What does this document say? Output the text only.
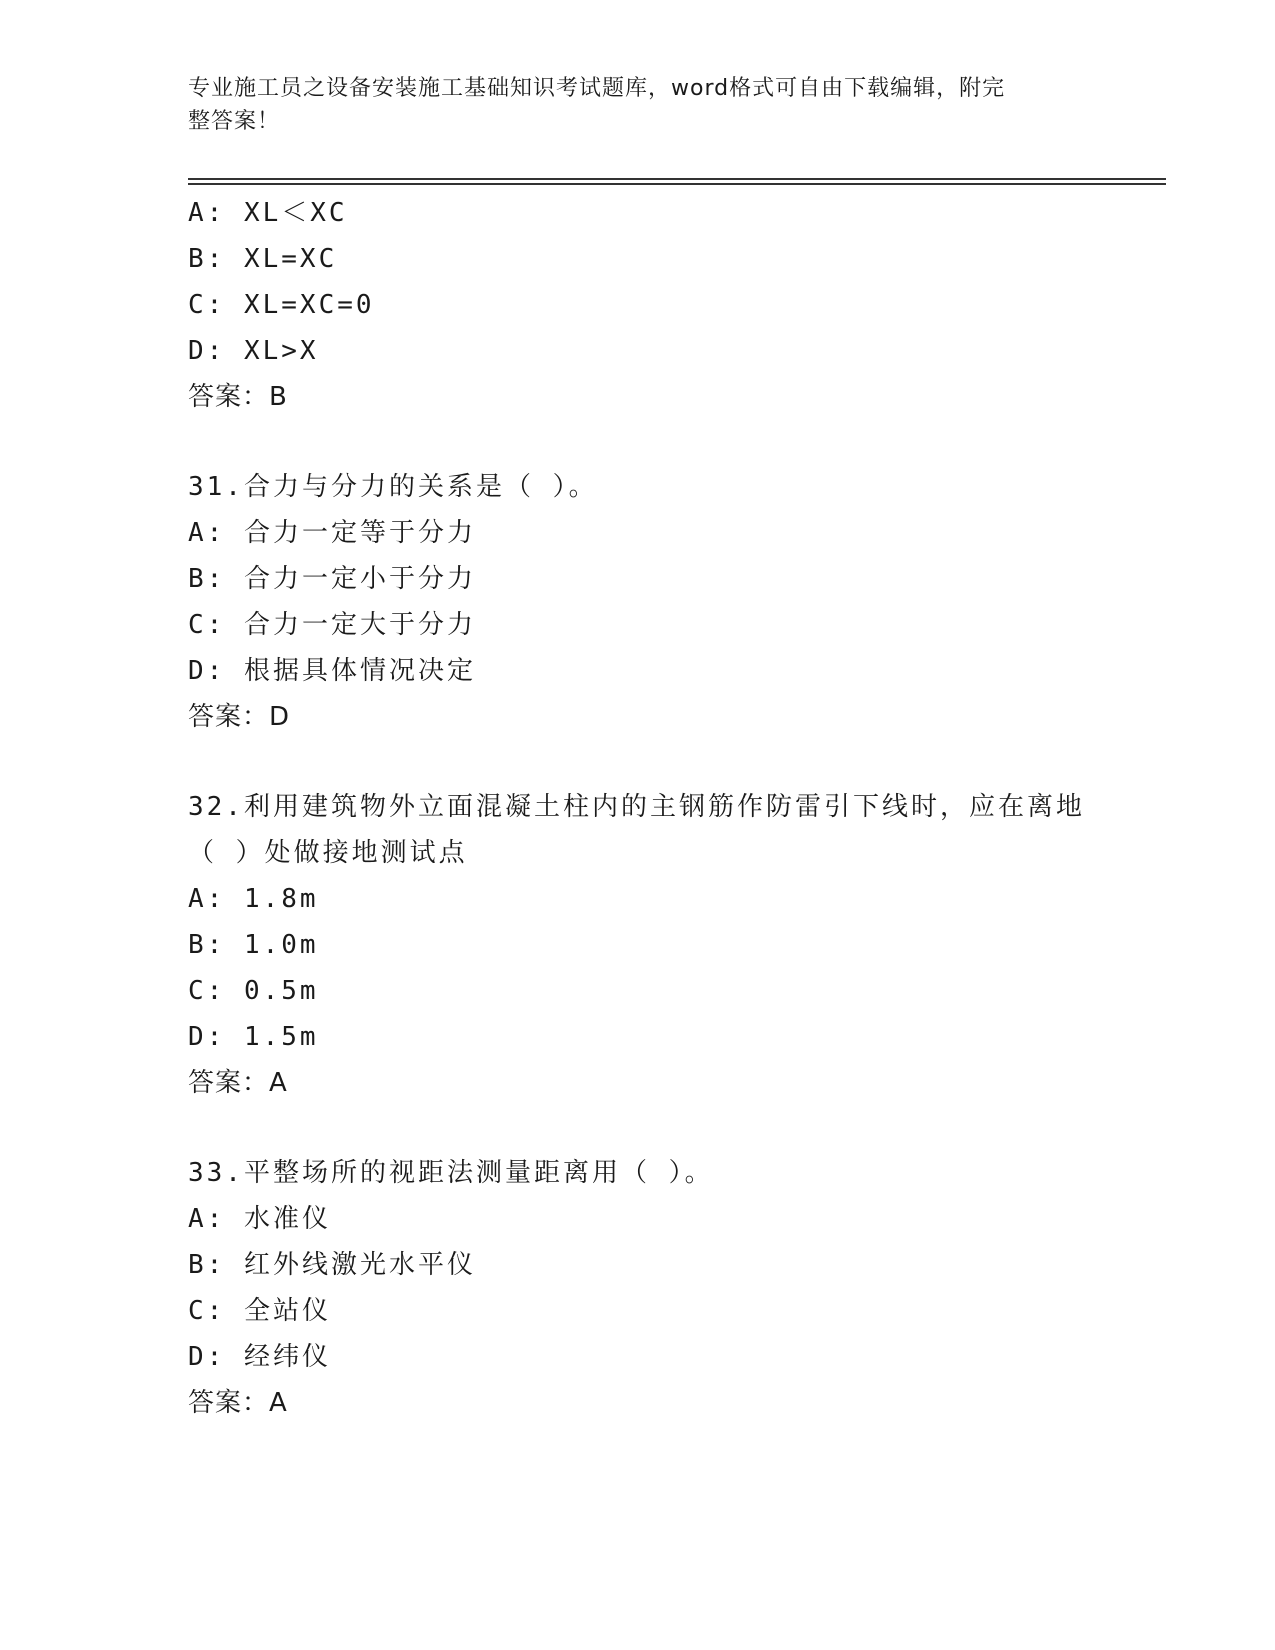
专业施工员之设备安装施工基础知识考试题库，word格式可自由下载编辑，附完
整答案！
A: XL＜XC
B: XL=XC
C: XL=XC=0
D: XL>X
答案：B
31.合力与分力的关系是（ ）。
A: 合力一定等于分力
B: 合力一定小于分力
C: 合力一定大于分力
D: 根据具体情况决定
答案：D
32.利用建筑物外立面混凝土柱内的主钢筋作防雷引下线时，应在离地
（ ）处做接地测试点
A: 1.8m
B: 1.0m
C: 0.5m
D: 1.5m
答案：A
33.平整场所的视距法测量距离用（ ）。
A: 水准仪
B: 红外线激光水平仪
C: 全站仪
D: 经纬仪
答案：A
